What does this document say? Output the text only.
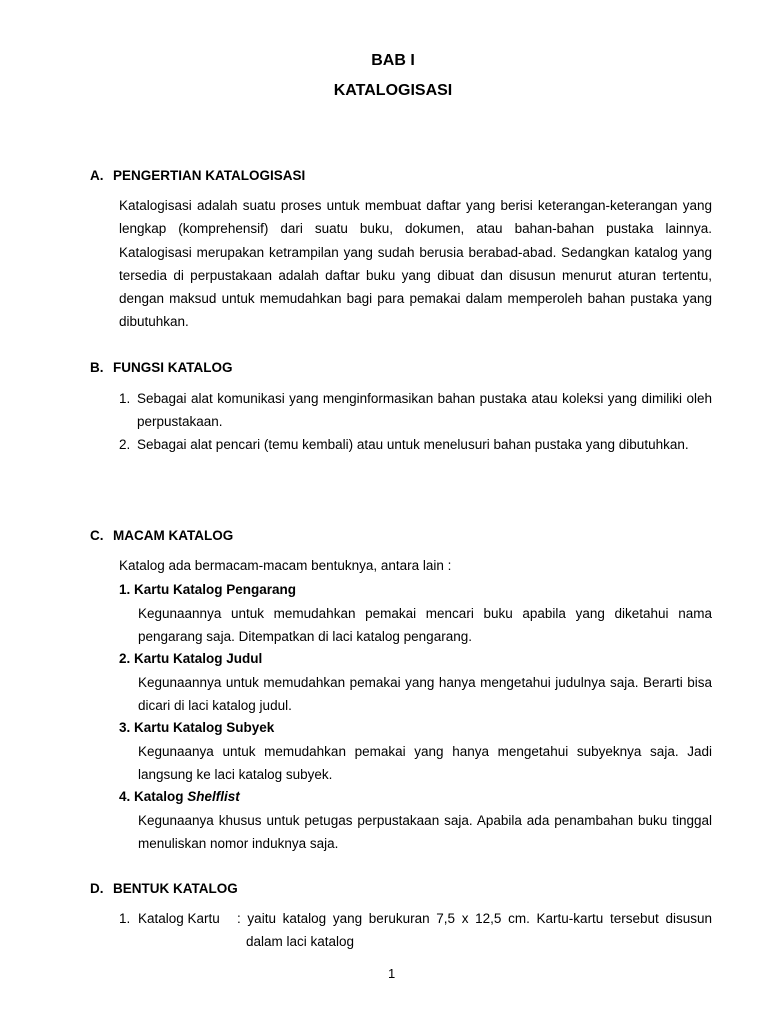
BAB I
KATALOGISASI
A. PENGERTIAN KATALOGISASI
Katalogisasi adalah suatu proses untuk membuat daftar yang berisi keterangan-keterangan yang lengkap (komprehensif) dari suatu buku, dokumen, atau bahan-bahan pustaka lainnya. Katalogisasi merupakan ketrampilan yang sudah berusia berabad-abad. Sedangkan katalog yang tersedia di perpustakaan adalah daftar buku yang dibuat dan disusun menurut aturan tertentu, dengan maksud untuk memudahkan bagi para pemakai dalam memperoleh bahan pustaka yang dibutuhkan.
B. FUNGSI KATALOG
1. Sebagai alat komunikasi yang menginformasikan bahan pustaka atau koleksi yang dimiliki oleh perpustakaan.
2. Sebagai alat pencari (temu kembali) atau untuk menelusuri bahan pustaka yang dibutuhkan.
C. MACAM KATALOG
Katalog ada bermacam-macam bentuknya, antara lain :
1. Kartu Katalog Pengarang
Kegunaannya untuk memudahkan pemakai mencari buku apabila yang diketahui nama pengarang saja. Ditempatkan di laci katalog pengarang.
2. Kartu Katalog Judul
Kegunaannya untuk memudahkan pemakai yang hanya mengetahui judulnya saja. Berarti bisa dicari di laci katalog judul.
3. Kartu Katalog Subyek
Kegunaanya untuk memudahkan pemakai yang hanya mengetahui subyeknya saja. Jadi langsung ke laci katalog subyek.
4. Katalog Shelflist
Kegunaanya khusus untuk petugas perpustakaan saja. Apabila ada penambahan buku tinggal menuliskan nomor induknya saja.
D. BENTUK KATALOG
1. Katalog Kartu : yaitu katalog yang berukuran 7,5 x 12,5 cm. Kartu-kartu tersebut disusun
dalam laci katalog
1
